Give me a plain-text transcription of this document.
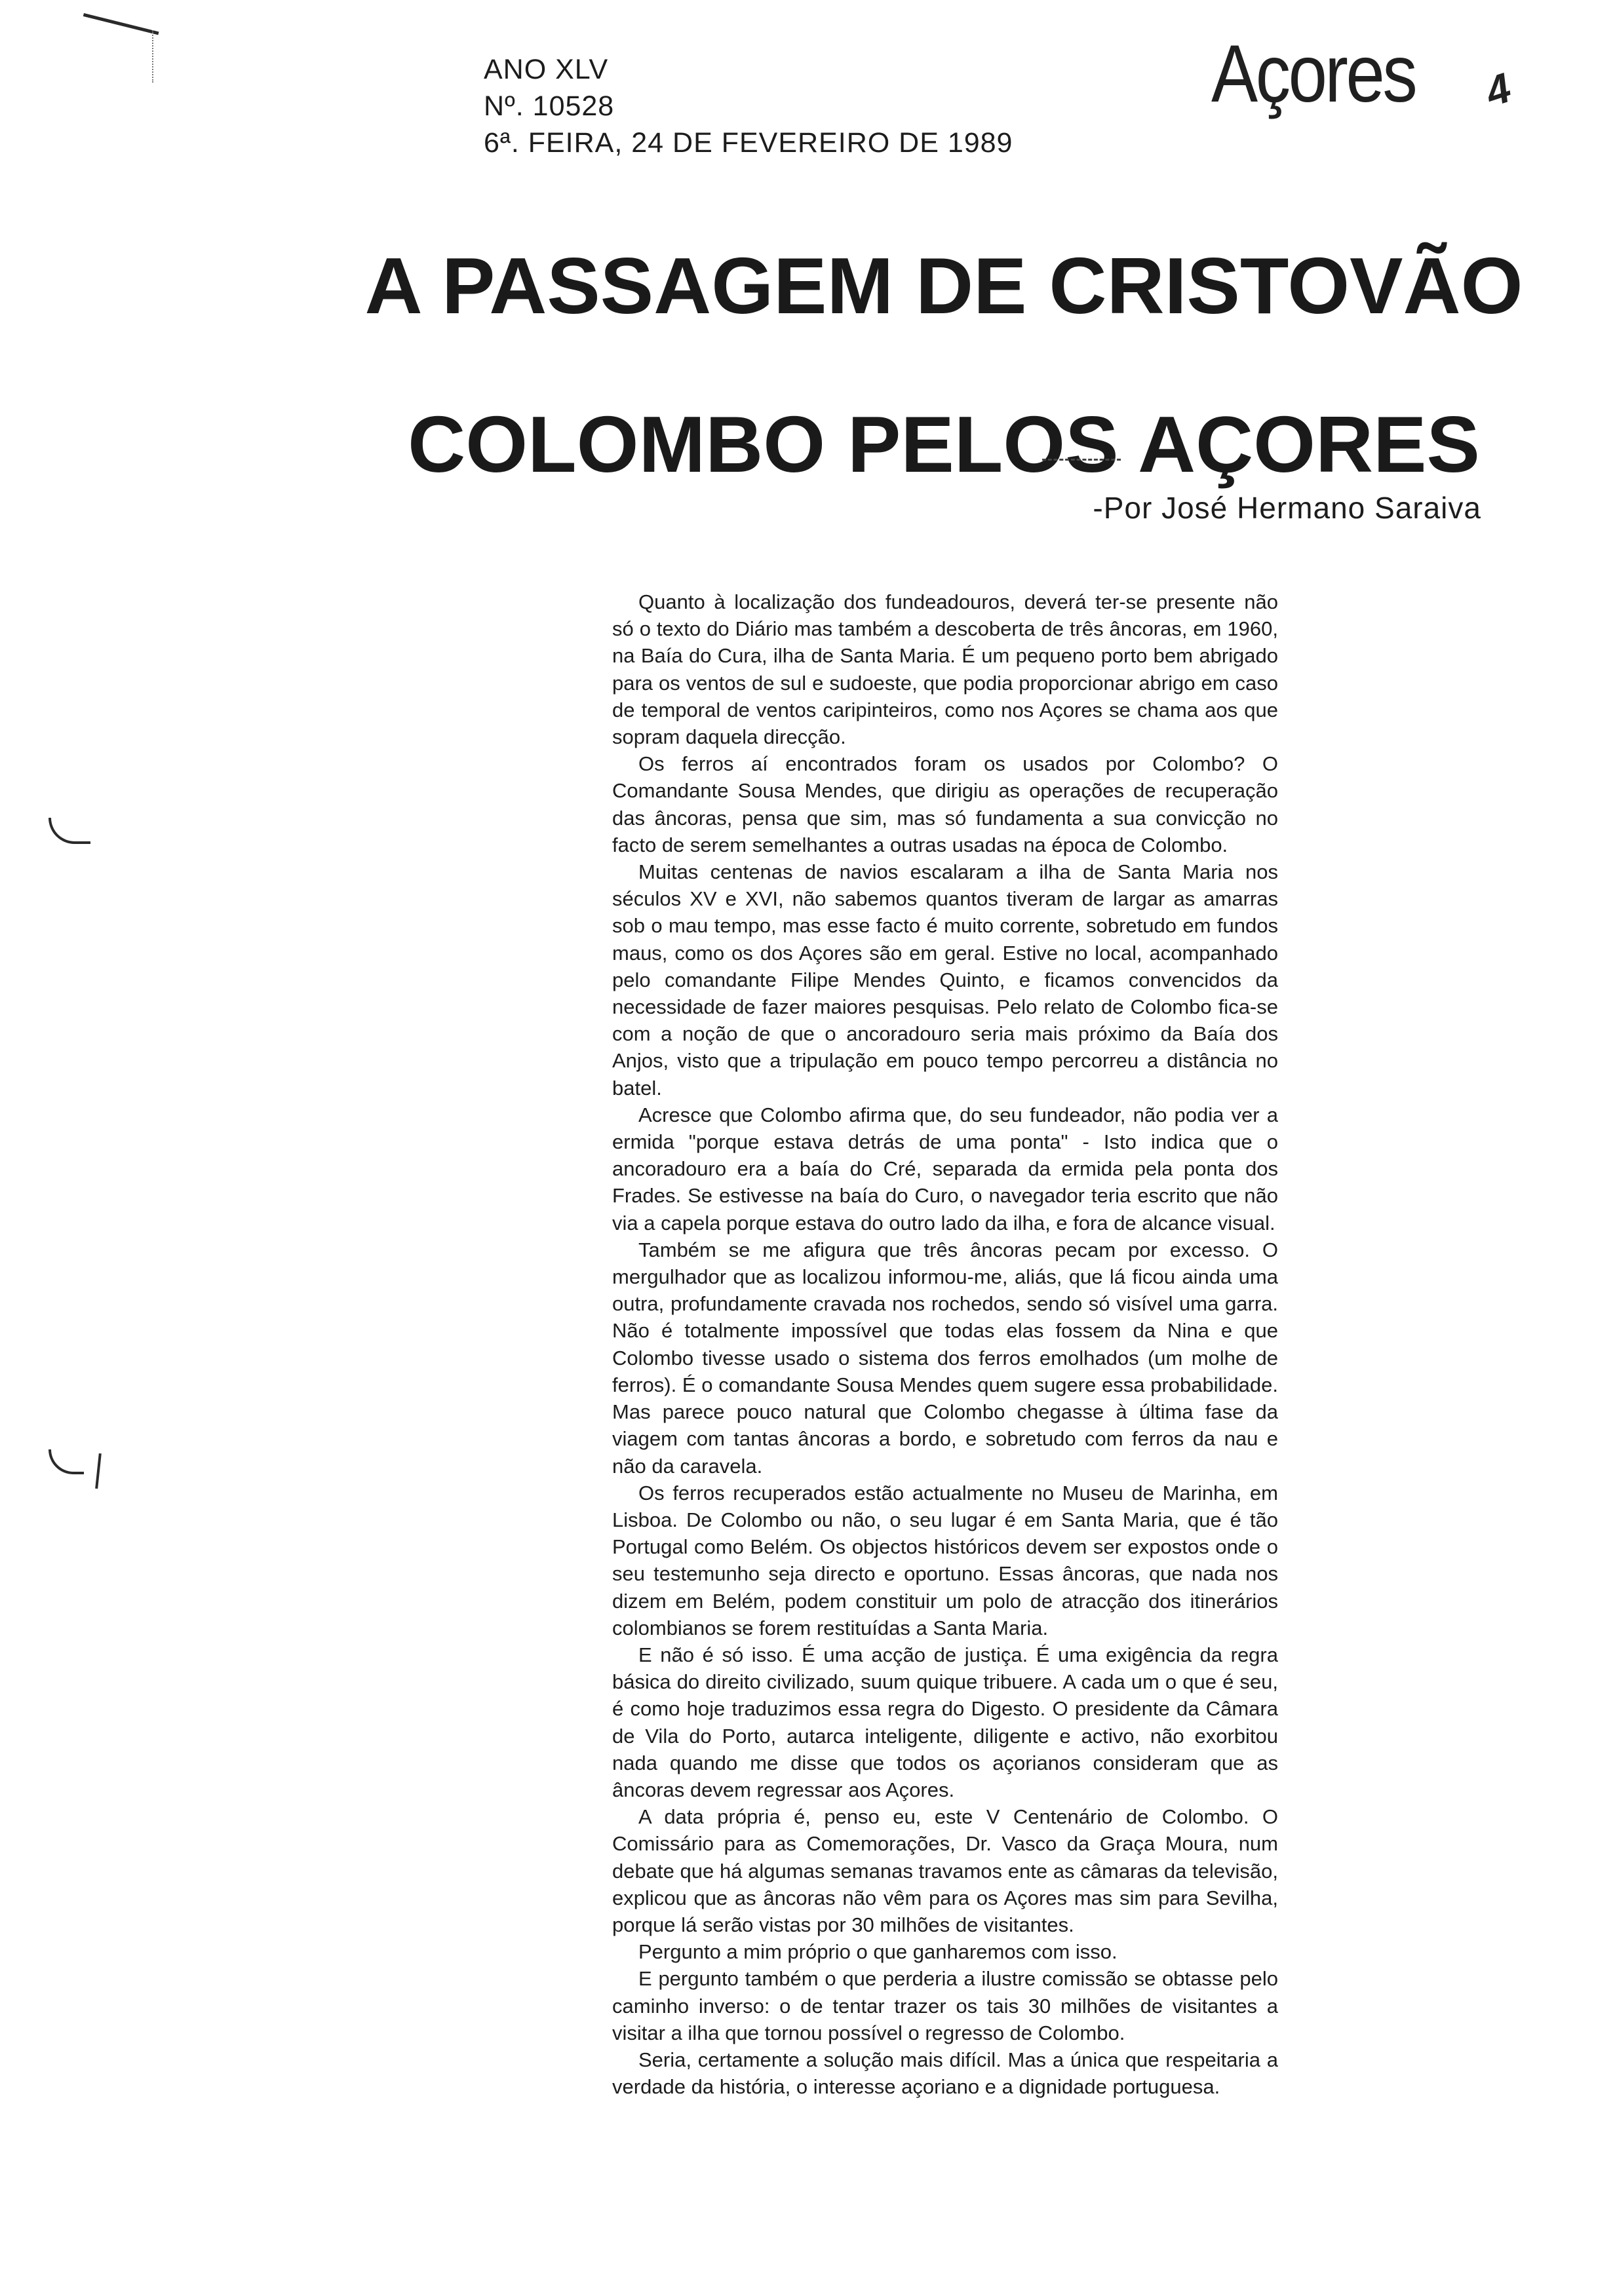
ANO XLV
Nº. 10528
6ª. FEIRA, 24 DE FEVEREIRO DE 1989
Açores 4
A PASSAGEM DE CRISTOVÃO
COLOMBO PELOS AÇORES
-Por José Hermano Saraiva

Quanto à localização dos fundeadouros, deverá ter-se presente não só o texto do Diário mas também a descoberta de três âncoras, em 1960, na Baía do Cura, ilha de Santa Maria. É um pequeno porto bem abrigado para os ventos de sul e sudoeste, que podia proporcionar abrigo em caso de temporal de ventos caripinteiros, como nos Açores se chama aos que sopram daquela direcção.

Os ferros aí encontrados foram os usados por Colombo? O Comandante Sousa Mendes, que dirigiu as operações de recuperação das âncoras, pensa que sim, mas só fundamenta a sua convicção no facto de serem semelhantes a outras usadas na época de Colombo.

Muitas centenas de navios escalaram a ilha de Santa Maria nos séculos XV e XVI, não sabemos quantos tiveram de largar as amarras sob o mau tempo, mas esse facto é muito corrente, sobretudo em fundos maus, como os dos Açores são em geral. Estive no local, acompanhado pelo comandante Filipe Mendes Quinto, e ficamos convencidos da necessidade de fazer maiores pesquisas. Pelo relato de Colombo fica-se com a noção de que o ancoradouro seria mais próximo da Baía dos Anjos, visto que a tripulação em pouco tempo percorreu a distância no batel.

Acresce que Colombo afirma que, do seu fundeador, não podia ver a ermida "porque estava detrás de uma ponta" - Isto indica que o ancoradouro era a baía do Cré, separada da ermida pela ponta dos Frades. Se estivesse na baía do Curo, o navegador teria escrito que não via a capela porque estava do outro lado da ilha, e fora de alcance visual.

Também se me afigura que três âncoras pecam por excesso. O mergulhador que as localizou informou-me, aliás, que lá ficou ainda uma outra, profundamente cravada nos rochedos, sendo só visível uma garra. Não é totalmente impossível que todas elas fossem da Nina e que Colombo tivesse usado o sistema dos ferros emolhados (um molhe de ferros). É o comandante Sousa Mendes quem sugere essa probabilidade. Mas parece pouco natural que Colombo chegasse à última fase da viagem com tantas âncoras a bordo, e sobretudo com ferros da nau e não da caravela.

Os ferros recuperados estão actualmente no Museu de Marinha, em Lisboa. De Colombo ou não, o seu lugar é em Santa Maria, que é tão Portugal como Belém. Os objectos históricos devem ser expostos onde o seu testemunho seja directo e oportuno. Essas âncoras, que nada nos dizem em Belém, podem constituir um polo de atracção dos itinerários colombianos se forem restituídas a Santa Maria.

E não é só isso. É uma acção de justiça. É uma exigência da regra básica do direito civilizado, suum quique tribuere. A cada um o que é seu, é como hoje traduzimos essa regra do Digesto. O presidente da Câmara de Vila do Porto, autarca inteligente, diligente e activo, não exorbitou nada quando me disse que todos os açorianos consideram que as âncoras devem regressar aos Açores.

A data própria é, penso eu, este V Centenário de Colombo. O Comissário para as Comemorações, Dr. Vasco da Graça Moura, num debate que há algumas semanas travamos ente as câmaras da televisão, explicou que as âncoras não vêm para os Açores mas sim para Sevilha, porque lá serão vistas por 30 milhões de visitantes.

Pergunto a mim próprio o que ganharemos com isso.

E pergunto também o que perderia a ilustre comissão se obtasse pelo caminho inverso: o de tentar trazer os tais 30 milhões de visitantes a visitar a ilha que tornou possível o regresso de Colombo.

Seria, certamente a solução mais difícil. Mas a única que respeitaria a verdade da história, o interesse açoriano e a dignidade portuguesa.
